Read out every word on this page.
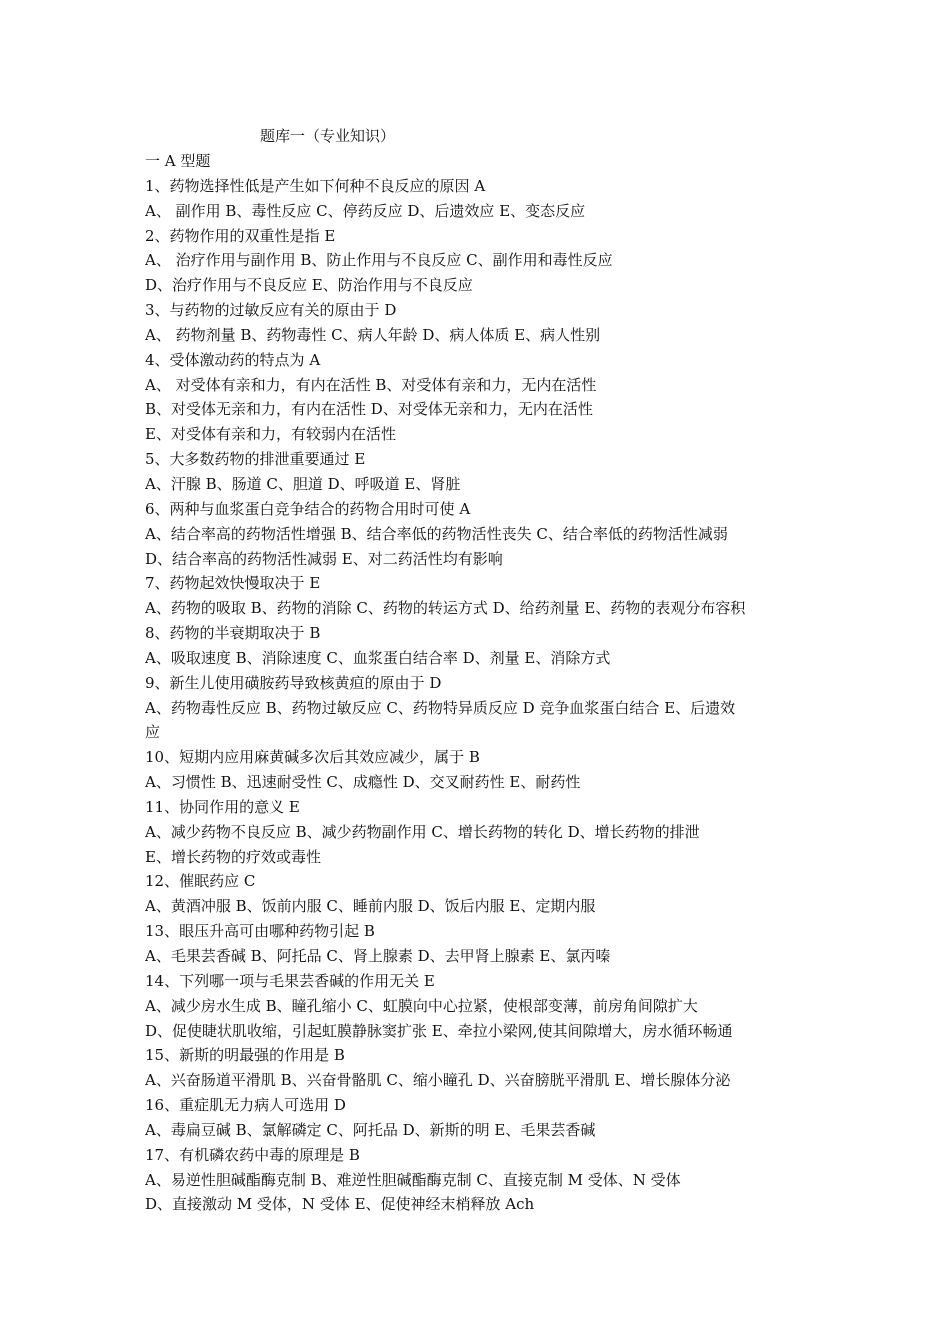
题库一（专业知识）
一 A 型题
1、药物选择性低是产生如下何种不良反应的原因 A
A、 副作用 B、毒性反应 C、停药反应 D、后遗效应 E、变态反应
2、药物作用的双重性是指 E
A、 治疗作用与副作用 B、防止作用与不良反应 C、副作用和毒性反应
D、治疗作用与不良反应 E、防治作用与不良反应
3、与药物的过敏反应有关的原由于 D
A、 药物剂量 B、药物毒性 C、病人年龄 D、病人体质 E、病人性别
4、受体激动药的特点为 A
A、 对受体有亲和力，有内在活性 B、对受体有亲和力，无内在活性
B、对受体无亲和力，有内在活性 D、对受体无亲和力，无内在活性
E、对受体有亲和力，有较弱内在活性
5、大多数药物的排泄重要通过 E
A、汗腺 B、肠道 C、胆道 D、呼吸道 E、肾脏
6、两种与血浆蛋白竞争结合的药物合用时可使 A
A、结合率高的药物活性增强 B、结合率低的药物活性丧失 C、结合率低的药物活性减弱
D、结合率高的药物活性减弱 E、对二药活性均有影响
7、药物起效快慢取决于 E
A、药物的吸取 B、药物的消除 C、药物的转运方式 D、给药剂量 E、药物的表观分布容积
8、药物的半衰期取决于 B
A、吸取速度 B、消除速度 C、血浆蛋白结合率 D、剂量 E、消除方式
9、新生儿使用磺胺药导致核黄疸的原由于 D
A、药物毒性反应 B、药物过敏反应 C、药物特异质反应 D 竞争血浆蛋白结合 E、后遗效
应
10、短期内应用麻黄碱多次后其效应减少，属于 B
A、习惯性 B、迅速耐受性 C、成瘾性 D、交叉耐药性 E、耐药性
11、协同作用的意义 E
A、减少药物不良反应 B、减少药物副作用 C、增长药物的转化 D、增长药物的排泄
E、增长药物的疗效或毒性
12、催眠药应 C
A、黄酒冲服 B、饭前内服 C、睡前内服 D、饭后内服 E、定期内服
13、眼压升高可由哪种药物引起 B
A、毛果芸香碱 B、阿托品 C、肾上腺素 D、去甲肾上腺素 E、氯丙嗪
14、下列哪一项与毛果芸香碱的作用无关 E
A、减少房水生成 B、瞳孔缩小 C、虹膜向中心拉紧，使根部变薄，前房角间隙扩大
D、促使睫状肌收缩，引起虹膜静脉窦扩张 E、牵拉小梁网,使其间隙增大，房水循环畅通
15、新斯的明最强的作用是 B
A、兴奋肠道平滑肌 B、兴奋骨骼肌 C、缩小瞳孔 D、兴奋膀胱平滑肌 E、增长腺体分泌
16、重症肌无力病人可选用 D
A、毒扁豆碱 B、氯解磷定 C、阿托品 D、新斯的明 E、毛果芸香碱
17、有机磷农药中毒的原理是 B
A、易逆性胆碱酯酶克制 B、难逆性胆碱酯酶克制 C、直接克制 M 受体、N 受体
D、直接激动 M 受体，N 受体 E、促使神经末梢释放 Ach
